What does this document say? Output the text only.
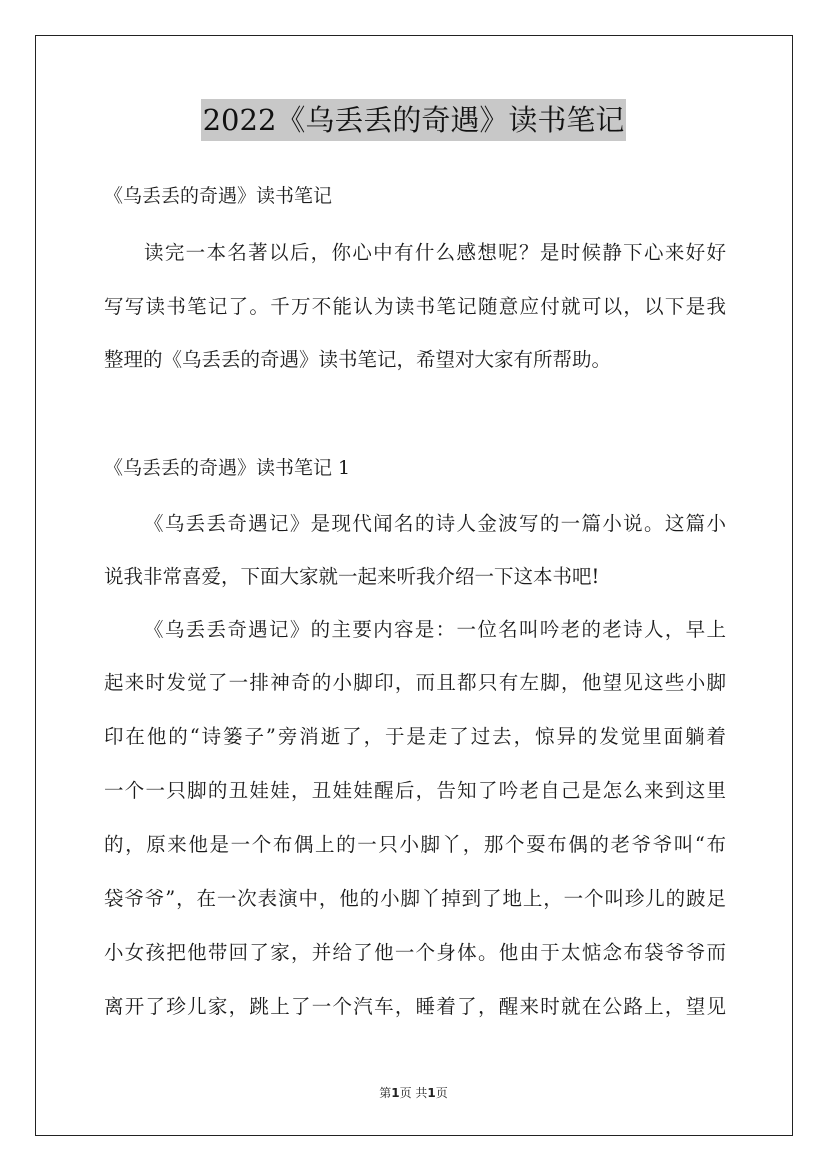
2022《乌丢丢的奇遇》读书笔记
《乌丢丢的奇遇》读书笔记
读完一本名著以后，你心中有什么感想呢？是时候静下心来好好
写写读书笔记了。千万不能认为读书笔记随意应付就可以，以下是我
整理的《乌丢丢的奇遇》读书笔记，希望对大家有所帮助。
《乌丢丢的奇遇》读书笔记 1
《乌丢丢奇遇记》是现代闻名的诗人金波写的一篇小说。这篇小
说我非常喜爱，下面大家就一起来听我介绍一下这本书吧!
《乌丢丢奇遇记》的主要内容是：一位名叫吟老的老诗人，早上
起来时发觉了一排神奇的小脚印，而且都只有左脚，他望见这些小脚
印在他的“诗篓子”旁消逝了，于是走了过去，惊异的发觉里面躺着
一个一只脚的丑娃娃，丑娃娃醒后，告知了吟老自己是怎么来到这里
的，原来他是一个布偶上的一只小脚丫，那个耍布偶的老爷爷叫“布
袋爷爷”，在一次表演中，他的小脚丫掉到了地上，一个叫珍儿的跛足
小女孩把他带回了家，并给了他一个身体。他由于太惦念布袋爷爷而
离开了珍儿家，跳上了一个汽车，睡着了，醒来时就在公路上，望见
第1页 共1页
